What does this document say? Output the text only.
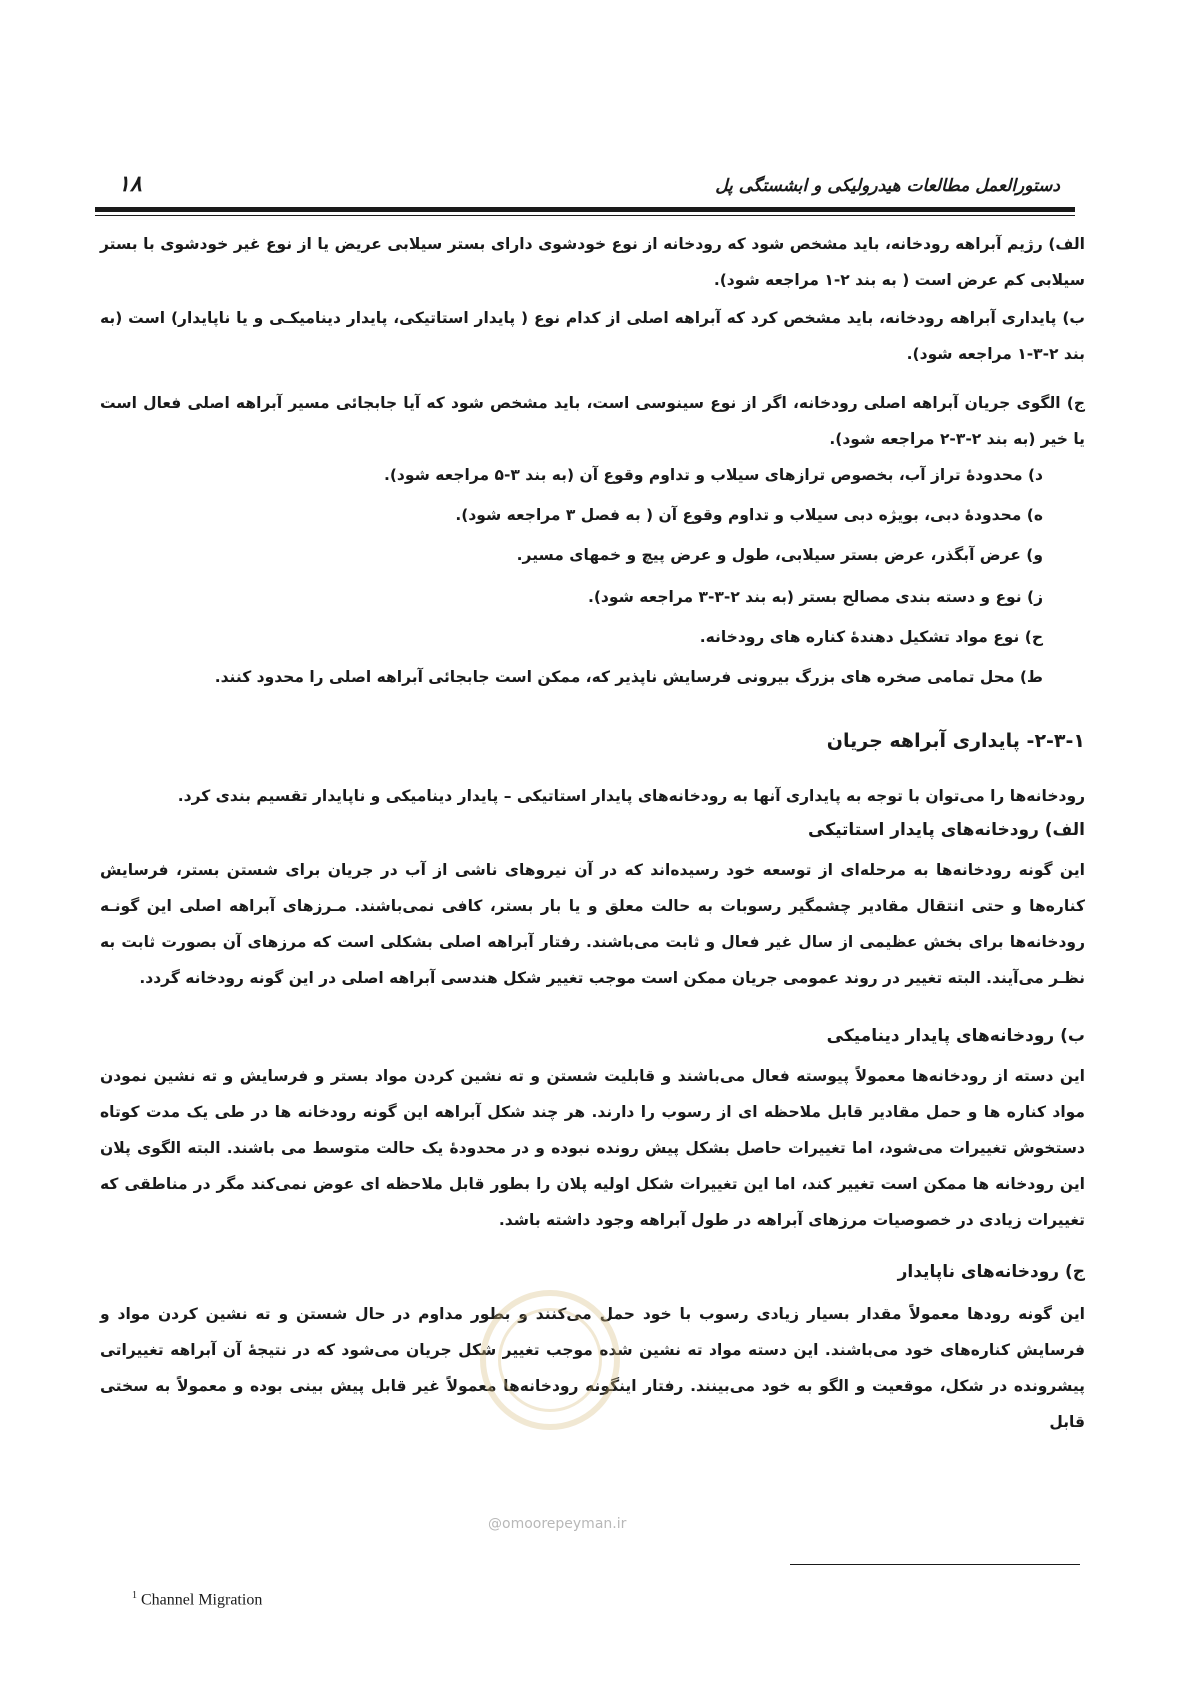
۱۸	دستورالعمل مطالعات هیدرولیکی و ابشستگی پل
الف) رژیم آبراهه رودخانه، باید مشخص شود که رودخانه از نوع خودشوی دارای بستر سیلابی عریض یا از نوع غیر خودشوی با بستر سیلابی کم عرض است ( به بند ۲-۱ مراجعه شود).
ب) پایداری آبراهه رودخانه، باید مشخص کرد که آبراهه اصلی از کدام نوع ( پایدار استاتیکی، پایدار دینامیکـی و یا ناپایدار) است (به بند ۲-۳-۱ مراجعه شود).
ج) الگوی جریان آبراهه اصلی رودخانه، اگر از نوع سینوسی است، باید مشخص شود که آیا جابجائی مسیر آبراهه اصلی فعال است یا خیر (به بند ۲-۳-۲ مراجعه شود).
د) محدودهٔ تراز آب، بخصوص ترازهای سیلاب و تداوم وقوع آن (به بند ۳-۵ مراجعه شود).
ه) محدودهٔ دبی، بویژه دبی سیلاب و تداوم وقوع آن ( به فصل ۳ مراجعه شود).
و) عرض آبگذر، عرض بستر سیلابی، طول و عرض پیچ و خمهای مسیر.
ز) نوع و دسته بندی مصالح بستر (به بند ۲-۳-۳ مراجعه شود).
ح) نوع مواد تشکیل دهندهٔ کناره های رودخانه.
ط) محل تمامی صخره های بزرگ بیرونی فرسایش ناپذیر که، ممکن است جابجائی آبراهه اصلی را محدود کنند.
۲-۳-۱- پایداری آبراهه جریان
رودخانه‌ها را می‌توان با توجه به پایداری آنها به رودخانه‌های پایدار استاتیکی – پایدار دینامیکی و ناپایدار تقسیم بندی کرد.
الف) رودخانه‌های پایدار استاتیکی
این گونه رودخانه‌ها به مرحله‌ای از توسعه خود رسیده‌اند که در آن نیروهای ناشی از آب در جریان برای شستن بستر، فرسایش کناره‌ها و حتی انتقال مقادیر چشمگیر رسوبات به حالت معلق و یا بار بستر، کافی نمی‌باشند. مـرزهای آبراهه اصلی این گونـه رودخانه‌ها برای بخش عظیمی از سال غیر فعال و ثابت می‌باشند. رفتار آبراهه اصلی بشکلی است که مرزهای آن بصورت ثابت به نظـر می‌آیند. البته تغییر در روند عمومی جریان ممکن است موجب تغییر شکل هندسی آبراهه اصلی در این گونه رودخانه گردد.
ب) رودخانه‌های پایدار دینامیکی
این دسته از رودخانه‌ها معمولاً پیوسته فعال می‌باشند و قابلیت شستن و ته نشین کردن مواد بستر و فرسایش و ته نشین نمودن مواد کناره ها و حمل مقادیر قابل ملاحظه ای از رسوب را دارند. هر چند شکل آبراهه این گونه رودخانه ها در طی یک مدت کوتاه دستخوش تغییرات می‌شود، اما تغییرات حاصل بشکل پیش رونده نبوده و در محدودهٔ یک حالت متوسط می باشند. البته الگوی پلان این رودخانه ها ممکن است تغییر کند، اما این تغییرات شکل اولیه پلان را بطور قابل ملاحظه ای عوض نمی‌کند مگر در مناطقی که تغییرات زیادی در خصوصیات مرزهای آبراهه در طول آبراهه وجود داشته باشد.
ج) رودخانه‌های ناپایدار
این گونه رودها معمولاً مقدار بسیار زیادی رسوب با خود حمل می‌کنند و بطور مداوم در حال شستن و ته نشین کردن مواد و فرسایش کناره‌های خود می‌باشند. این دسته مواد ته نشین شده موجب تغییر شکل جریان می‌شود که در نتیجهٔ آن آبراهه تغییراتی پیشرونده در شکل، موقعیت و الگو به خود می‌بینند. رفتار اینگونه رودخانه‌ها معمولاً غیر قابل پیش بینی بوده و معمولاً به سختی قابل
@omoorepeyman.ir
$^1$ Channel Migration
